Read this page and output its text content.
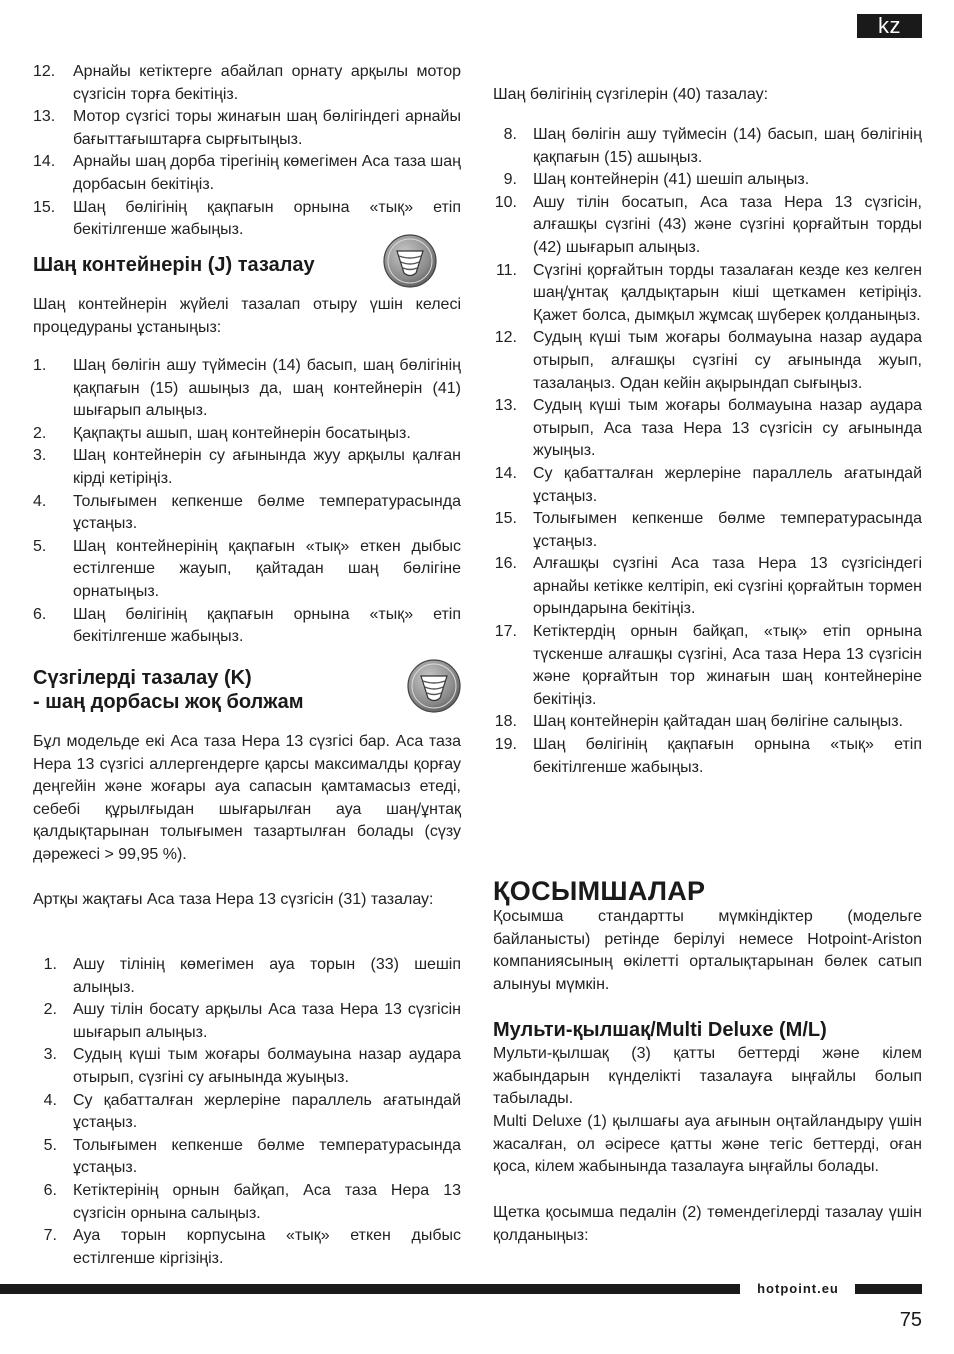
kz
12.	Арнайы кетіктерге абайлап орнату арқылы мотор сүзгісін торға бекітіңіз.
13.	Мотор сүзгісі торы жинағын шаң бөлігіндегі арнайы бағыттағыштарға сырғытыңыз.
14.	Арнайы шаң дорба тірегінің көмегімен Аса таза шаң дорбасын бекітіңіз.
15.	Шаң бөлігінің қақпағын орнына «тық» етіп бекітілгенше жабыңыз.
Шаң контейнерін (J) тазалау

Шаң контейнерін жүйелі тазалап отыру үшін келесі процедураны ұстаныңыз:

1.	Шаң бөлігін ашу түймесін (14) басып, шаң бөлігінің қақпағын (15) ашыңыз да, шаң контейнерін (41) шығарып алыңыз.
2.	Қақпақты ашып, шаң контейнерін босатыңыз.
3.	Шаң контейнерін су ағынында жуу арқылы қалған кірді кетіріңіз.
4.	Толығымен кепкенше бөлме температурасында ұстаңыз.
5.	Шаң контейнерінің қақпағын «тық» еткен дыбыс естілгенше жауып, қайтадан шаң бөлігіне орнатыңыз.
6.	Шаң бөлігінің қақпағын орнына «тық» етіп бекітілгенше жабыңыз.
Сүзгілерді тазалау (K)
- шаң дорбасы жоқ болжам

Бұл модельде екі Аса таза Нера 13 сүзгісі бар. Аса таза Нера 13 сүзгісі аллергендерге қарсы максималды қорғау деңгейін және жоғары ауа сапасын қамтамасыз етеді, себебі құрылғыдан шығарылған ауа шаң/ұнтақ қалдықтарынан толығымен тазартылған болады (сүзу дәрежесі > 99,95 %).

Артқы жақтағы Аса таза Нера 13 сүзгісін (31) тазалау:

1. Ашу тілінің көмегімен ауа торын (33) шешіп алыңыз.
2. Ашу тілін босату арқылы Аса таза Нера 13 сүзгісін шығарып алыңыз.
3. Судың күші тым жоғары болмауына назар аудара отырып, сүзгіні су ағынында жуыңыз.
4. Су қабатталған жерлеріне параллель ағатындай ұстаңыз.
5. Толығымен кепкенше бөлме температурасында ұстаңыз.
6. Кетіктерінің орнын байқап, Аса таза Нера 13 сүзгісін орнына салыңыз.
7. Ауа торын корпусына «тық» еткен дыбыс естілгенше кіргізіңіз.

Шаң бөлігінің сүзгілерін (40) тазалау:

8. Шаң бөлігін ашу түймесін (14) басып, шаң бөлігінің қақпағын (15) ашыңыз.
9. Шаң контейнерін (41) шешіп алыңыз.
10. Ашу тілін босатып, Аса таза Нера 13 сүзгісін, алғашқы сүзгіні (43) және сүзгіні қорғайтын торды (42) шығарып алыңыз.
11. Сүзгіні қорғайтын торды тазалаған кезде кез келген шаң/ұнтақ қалдықтарын кіші щеткамен кетіріңіз. Қажет болса, дымқыл жұмсақ шүберек қолданыңыз.
12. Судың күші тым жоғары болмауына назар аудара отырып, алғашқы сүзгіні су ағынында жуып, тазалаңыз. Одан кейін ақырындап сығыңыз.
13. Судың күші тым жоғары болмауына назар аудара отырып, Аса таза Нера 13 сүзгісін су ағынында жуыңыз.
14. Су қабатталған жерлеріне параллель ағатындай ұстаңыз.
15. Толығымен кепкенше бөлме температурасында ұстаңыз.
16. Алғашқы сүзгіні Аса таза Нера 13 сүзгісіндегі арнайы кетікке келтіріп, екі сүзгіні қорғайтын тормен орындарына бекітіңіз.
17. Кетіктердің орнын байқап, «тық» етіп орнына түскенше алғашқы сүзгіні, Аса таза Нера 13 сүзгісін және қорғайтын тор жинағын шаң контейнеріне бекітіңіз.
18. Шаң контейнерін қайтадан шаң бөлігіне салыңыз.
19. Шаң бөлігінің қақпағын орнына «тық» етіп бекітілгенше жабыңыз.
ҚОСЫМШАЛАР

Қосымша стандартты мүмкіндіктер (модельге байланысты) ретінде берілуі немесе Hotpoint-Ariston компаниясының өкілетті орталықтарынан бөлек сатып алынуы мүмкін.

Мульти-қылшақ/Multi Deluxe (M/L)

Мульти-қылшақ (3) қатты беттерді және кілем жабындарын күнделікті тазалауға ыңғайлы болып табылады.

Multi Deluxe (1) қылшағы ауа ағынын оңтайландыру үшін жасалған, ол әсіресе қатты және тегіс беттерді, оған қоса, кілем жабынында тазалауға ыңғайлы болады.

Щетка қосымша педалін (2) төмендегілерді тазалау үшін қолданыңыз:

hotpoint.eu
75
